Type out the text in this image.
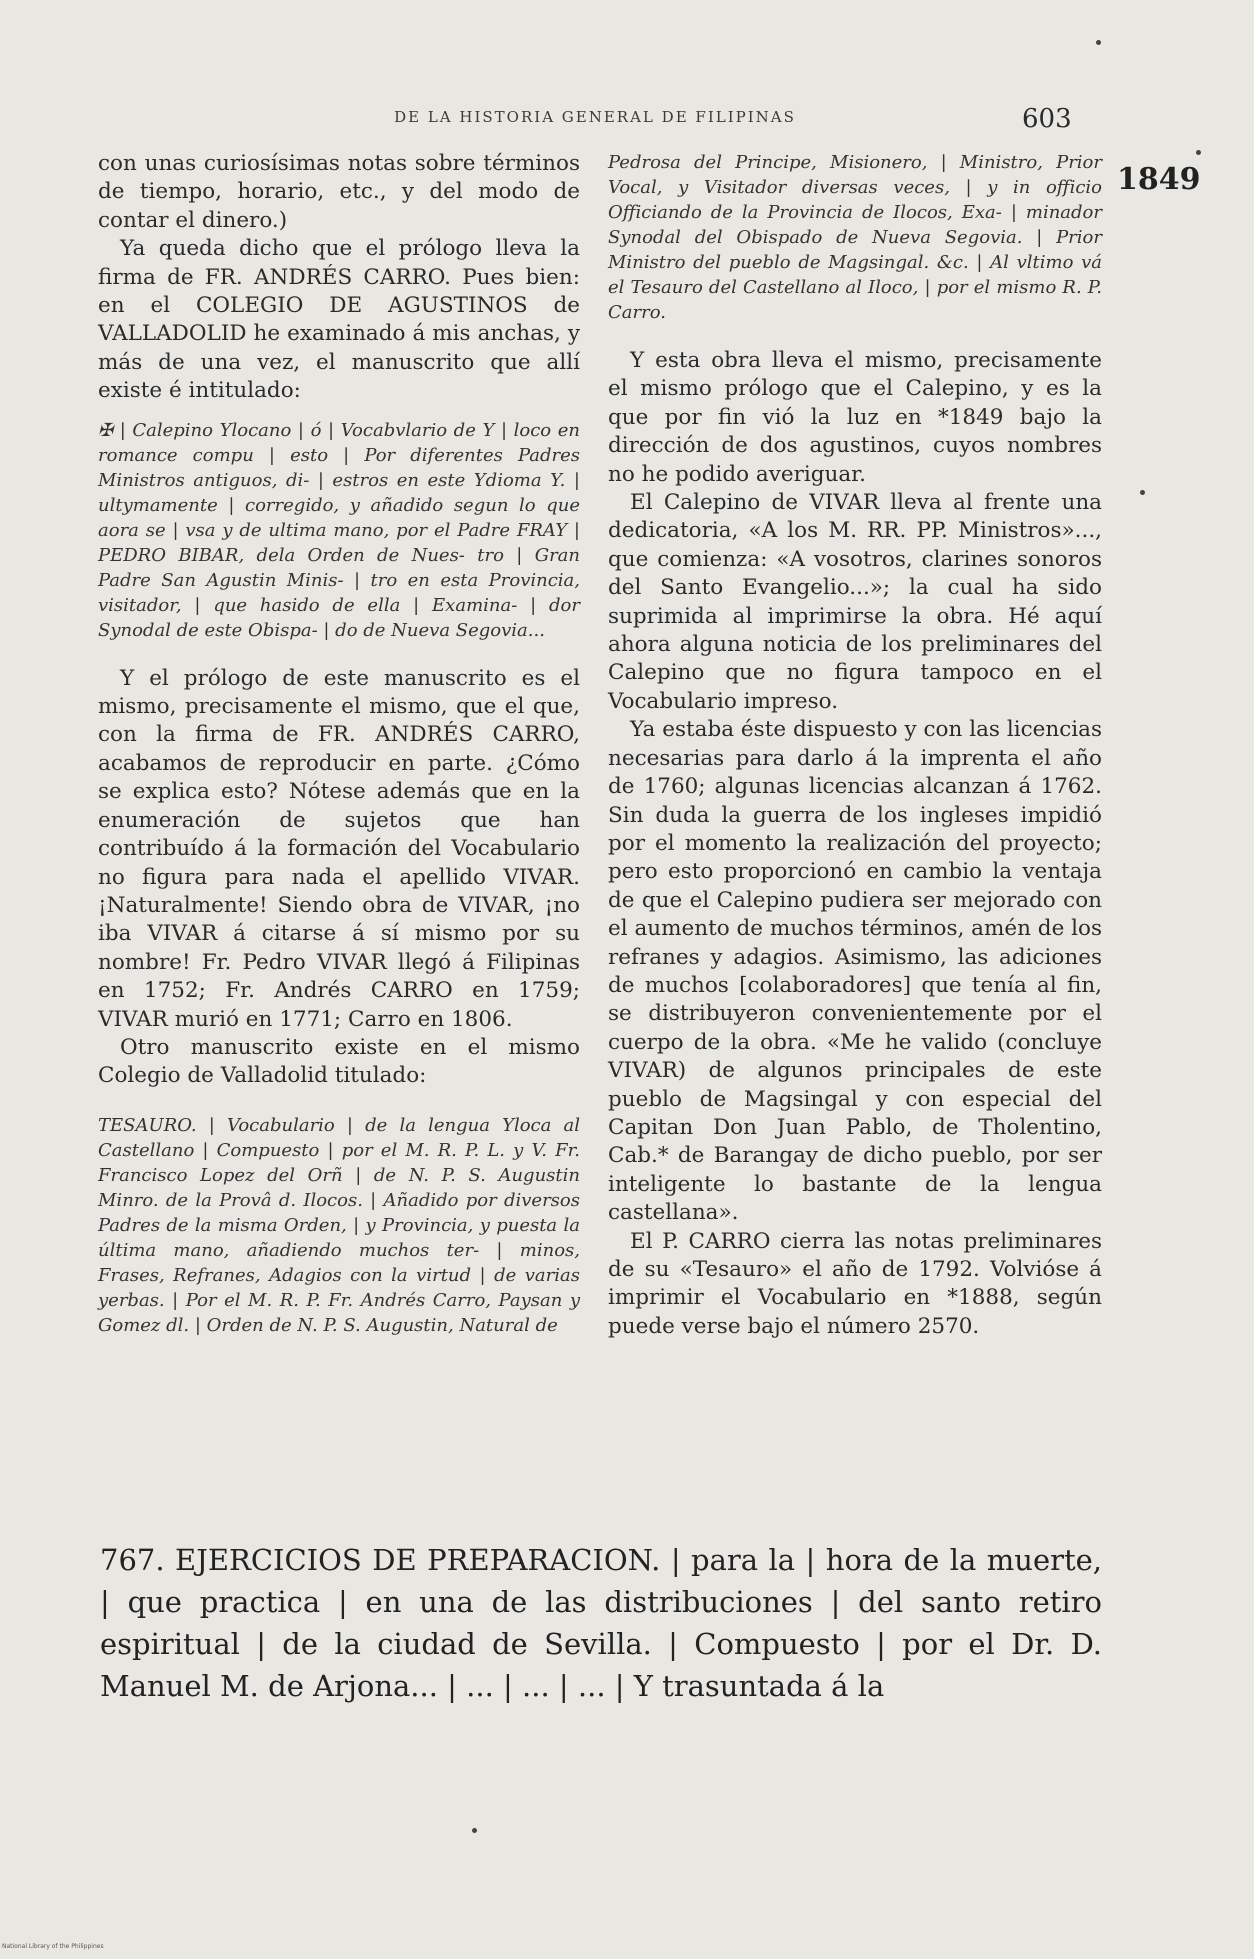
DE LA HISTORIA GENERAL DE FILIPINAS	603
1849
con unas curiosísimas notas sobre términos de tiempo, horario, etc., y del modo de contar el dinero.)
Ya queda dicho que el prólogo lleva la firma de FR. ANDRÉS CARRO. Pues bien: en el COLEGIO DE AGUSTINOS de VALLADOLID he examinado á mis anchas, y más de una vez, el manuscrito que allí existe é intitulado:
✠ | Calepino Ylocano | ó | Vocabvlario de Y | loco en romance compu | esto | Por diferentes Padres Ministros antiguos, di- | estros en este Ydioma Y. | ultymamente | corregido, y añadido segun lo que aora se | vsa y de ultima mano, por el Padre FRAY | PEDRO BIBAR, dela Orden de Nues- tro | Gran Padre San Agustin Minis- | tro en esta Provincia, visitador, | que hasido de ella | Examina- | dor Synodal de este Obispa- | do de Nueva Segovia...
Y el prólogo de este manuscrito es el mismo, precisamente el mismo, que el que, con la firma de FR. ANDRÉS CARRO, acabamos de reproducir en parte. ¿Cómo se explica esto? Nótese además que en la enumeración de sujetos que han contribuído á la formación del Vocabulario no figura para nada el apellido VIVAR. ¡Naturalmente! Siendo obra de VIVAR, ¡no iba VIVAR á citarse á sí mismo por su nombre! Fr. Pedro VIVAR llegó á Filipinas en 1752; Fr. Andrés CARRO en 1759; VIVAR murió en 1771; Carro en 1806.
Otro manuscrito existe en el mismo Colegio de Valladolid titulado:
TESAURO. | Vocabulario | de la lengua Yloca al Castellano | Compuesto | por el M. R. P. L. y V. Fr. Francisco Lopez del Orñ | de N. P. S. Augustin Minro. de la Provâ d. Ilocos. | Añadido por diversos Padres de la misma Orden, | y Provincia, y puesta la última mano, añadiendo muchos ter- | minos, Frases, Refranes, Adagios con la virtud | de varias yerbas. | Por el M. R. P. Fr. Andrés Carro, Paysan y Gomez dl. | Orden de N. P. S. Augustin, Natural de
Pedrosa del Principe, Misionero, | Ministro, Prior Vocal, y Visitador diversas veces, | y in officio Officiando de la Provincia de Ilocos, Exa- | minador Synodal del Obispado de Nueva Segovia. | Prior Ministro del pueblo de Magsingal. &c. | Al vltimo vá el Tesauro del Castellano al Iloco, | por el mismo R. P. Carro.
Y esta obra lleva el mismo, precisamente el mismo prólogo que el Calepino, y es la que por fin vió la luz en *1849 bajo la dirección de dos agustinos, cuyos nombres no he podido averiguar.
El Calepino de VIVAR lleva al frente una dedicatoria, «A los M. RR. PP. Ministros»..., que comienza: «A vosotros, clarines sonoros del Santo Evangelio...»; la cual ha sido suprimida al imprimirse la obra. Hé aquí ahora alguna noticia de los preliminares del Calepino que no figura tampoco en el Vocabulario impreso.
Ya estaba éste dispuesto y con las licencias necesarias para darlo á la imprenta el año de 1760; algunas licencias alcanzan á 1762. Sin duda la guerra de los ingleses impidió por el momento la realización del proyecto; pero esto proporcionó en cambio la ventaja de que el Calepino pudiera ser mejorado con el aumento de muchos términos, amén de los refranes y adagios. Asimismo, las adiciones de muchos [colaboradores] que tenía al fin, se distribuyeron convenientemente por el cuerpo de la obra. «Me he valido (concluye VIVAR) de algunos principales de este pueblo de Magsingal y con especial del Capitan Don Juan Pablo, de Tholentino, Cab.* de Barangay de dicho pueblo, por ser inteligente lo bastante de la lengua castellana».
El P. CARRO cierra las notas preliminares de su «Tesauro» el año de 1792. Volvióse á imprimir el Vocabulario en *1888, según puede verse bajo el número 2570.
767. EJERCICIOS DE PREPARACION. | para la | hora de la muerte, | que practica | en una de las distribuciones | del santo retiro espiritual | de la ciudad de Sevilla. | Compuesto | por el Dr. D. Manuel M. de Arjona... | ... | ... | ... | Y trasuntada á la
National Library of the Philippines
